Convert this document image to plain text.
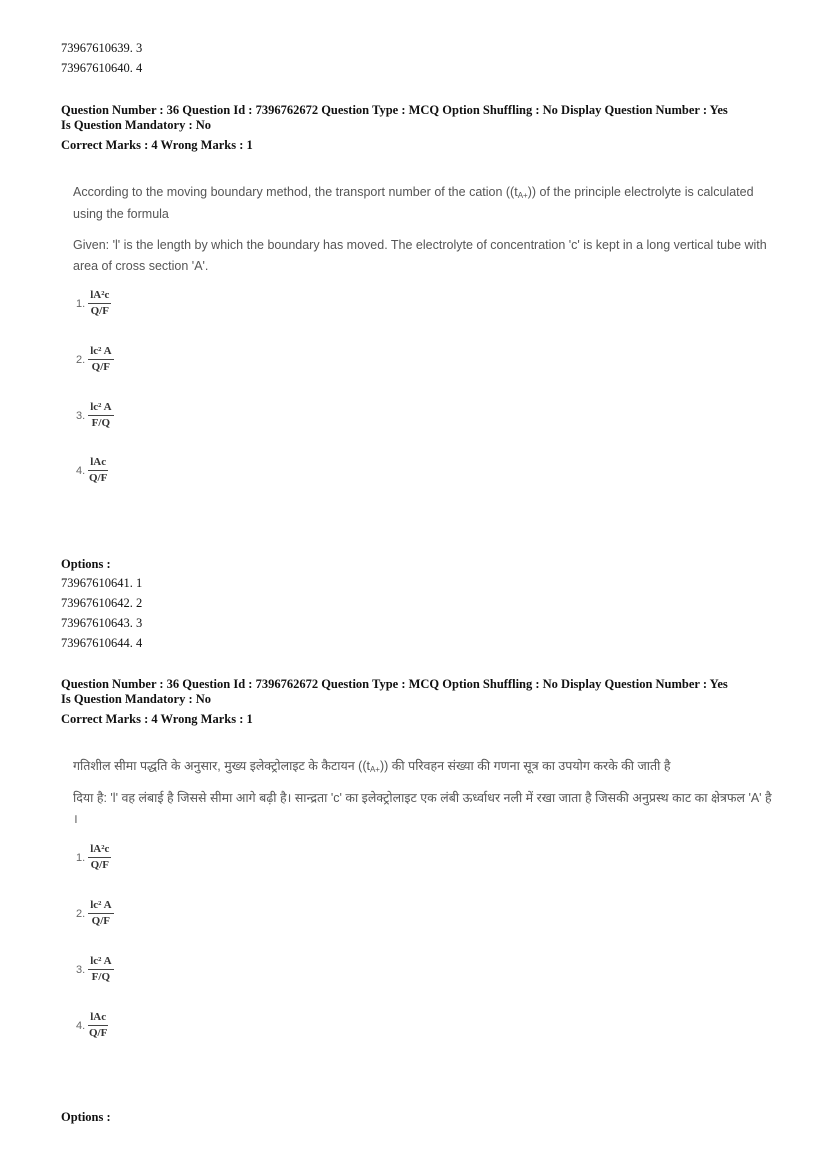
73967610639. 3
73967610640. 4
Question Number : 36 Question Id : 7396762672 Question Type : MCQ Option Shuffling : No Display Question Number : Yes
Is Question Mandatory : No
Correct Marks : 4 Wrong Marks : 1
According to the moving boundary method, the transport number of the cation ((tA+)) of the principle electrolyte is calculated using the formula
Given: 'l' is the length by which the boundary has moved. The electrolyte of concentration 'c' is kept in a long vertical tube with area of cross section 'A'.
1. $\frac{\text{lA²c}}{Q/F}$
2. $\frac{\text{lc² A}}{Q/F}$
3. $\frac{\text{lc² A}}{F/Q}$
4. $\frac{\text{lAc}}{Q/F}$
Options :
73967610641. 1
73967610642. 2
73967610643. 3
73967610644. 4
Question Number : 36 Question Id : 7396762672 Question Type : MCQ Option Shuffling : No Display Question Number : Yes
Is Question Mandatory : No
Correct Marks : 4 Wrong Marks : 1
गतिशील सीमा पद्धति के अनुसार, मुख्य इलेक्ट्रोलाइट के कैटायन ((tA+)) की परिवहन संख्या की गणना सूत्र का उपयोग करके की जाती है
दिया है: 'l' वह लंबाई है जिससे सीमा आगे बढ़ी है। सान्द्रता 'c' का इलेक्ट्रोलाइट एक लंबी ऊर्ध्वाधर नली में रखा जाता है जिसकी अनुप्रस्थ काट का क्षेत्रफल 'A' है ।
1. $\frac{\text{lA²c}}{Q/F}$
2. $\frac{\text{lc² A}}{Q/F}$
3. $\frac{\text{lc² A}}{F/Q}$
4. $\frac{\text{lAc}}{Q/F}$
Options :
